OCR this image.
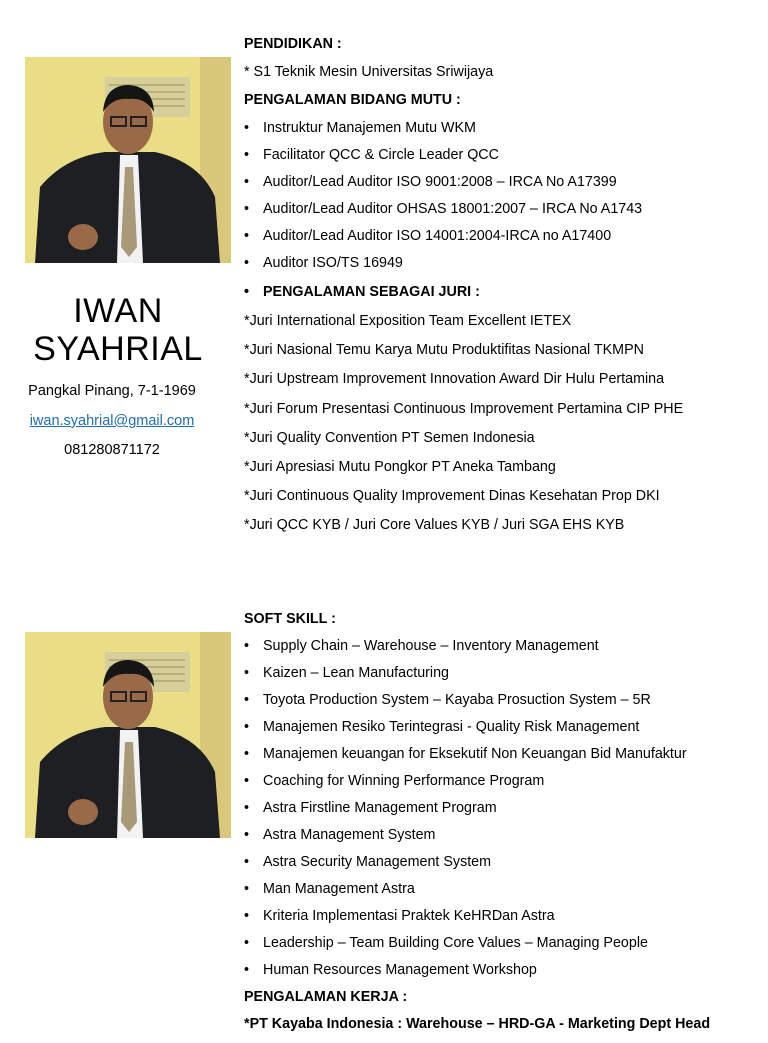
IWAN
SYAHRIAL
Pangkal Pinang, 7-1-1969
iwan.syahrial@gmail.com
081280871172
PENDIDIKAN :
* S1 Teknik Mesin Universitas Sriwijaya
PENGALAMAN BIDANG MUTU :
• Instruktur Manajemen Mutu WKM
• Facilitator QCC & Circle Leader QCC
• Auditor/Lead Auditor ISO 9001:2008 – IRCA No A17399
• Auditor/Lead Auditor OHSAS 18001:2007 – IRCA No A1743
• Auditor/Lead Auditor ISO 14001:2004-IRCA no A17400
• Auditor ISO/TS 16949
• PENGALAMAN SEBAGAI JURI :
*Juri International Exposition Team Excellent IETEX
*Juri Nasional Temu Karya Mutu Produktifitas Nasional TKMPN
*Juri Upstream Improvement Innovation Award Dir Hulu Pertamina
*Juri Forum Presentasi Continuous Improvement Pertamina CIP PHE
*Juri Quality Convention PT Semen Indonesia
*Juri Apresiasi Mutu Pongkor PT Aneka Tambang
*Juri Continuous Quality Improvement Dinas Kesehatan Prop DKI
*Juri QCC KYB / Juri Core Values KYB / Juri SGA EHS KYB
SOFT SKILL :
• Supply Chain – Warehouse – Inventory Management
• Kaizen – Lean Manufacturing
• Toyota Production System – Kayaba Prosuction System – 5R
• Manajemen Resiko Terintegrasi - Quality Risk Management
• Manajemen keuangan for Eksekutif Non Keuangan Bid Manufaktur
• Coaching for Winning Performance Program
• Astra Firstline Management Program
• Astra Management System
• Astra Security Management System
• Man Management Astra
• Kriteria Implementasi Praktek KeHRDan Astra
• Leadership – Team Building Core Values – Managing People
• Human Resources Management Workshop
PENGALAMAN KERJA :
*PT Kayaba Indonesia : Warehouse – HRD-GA - Marketing Dept Head
